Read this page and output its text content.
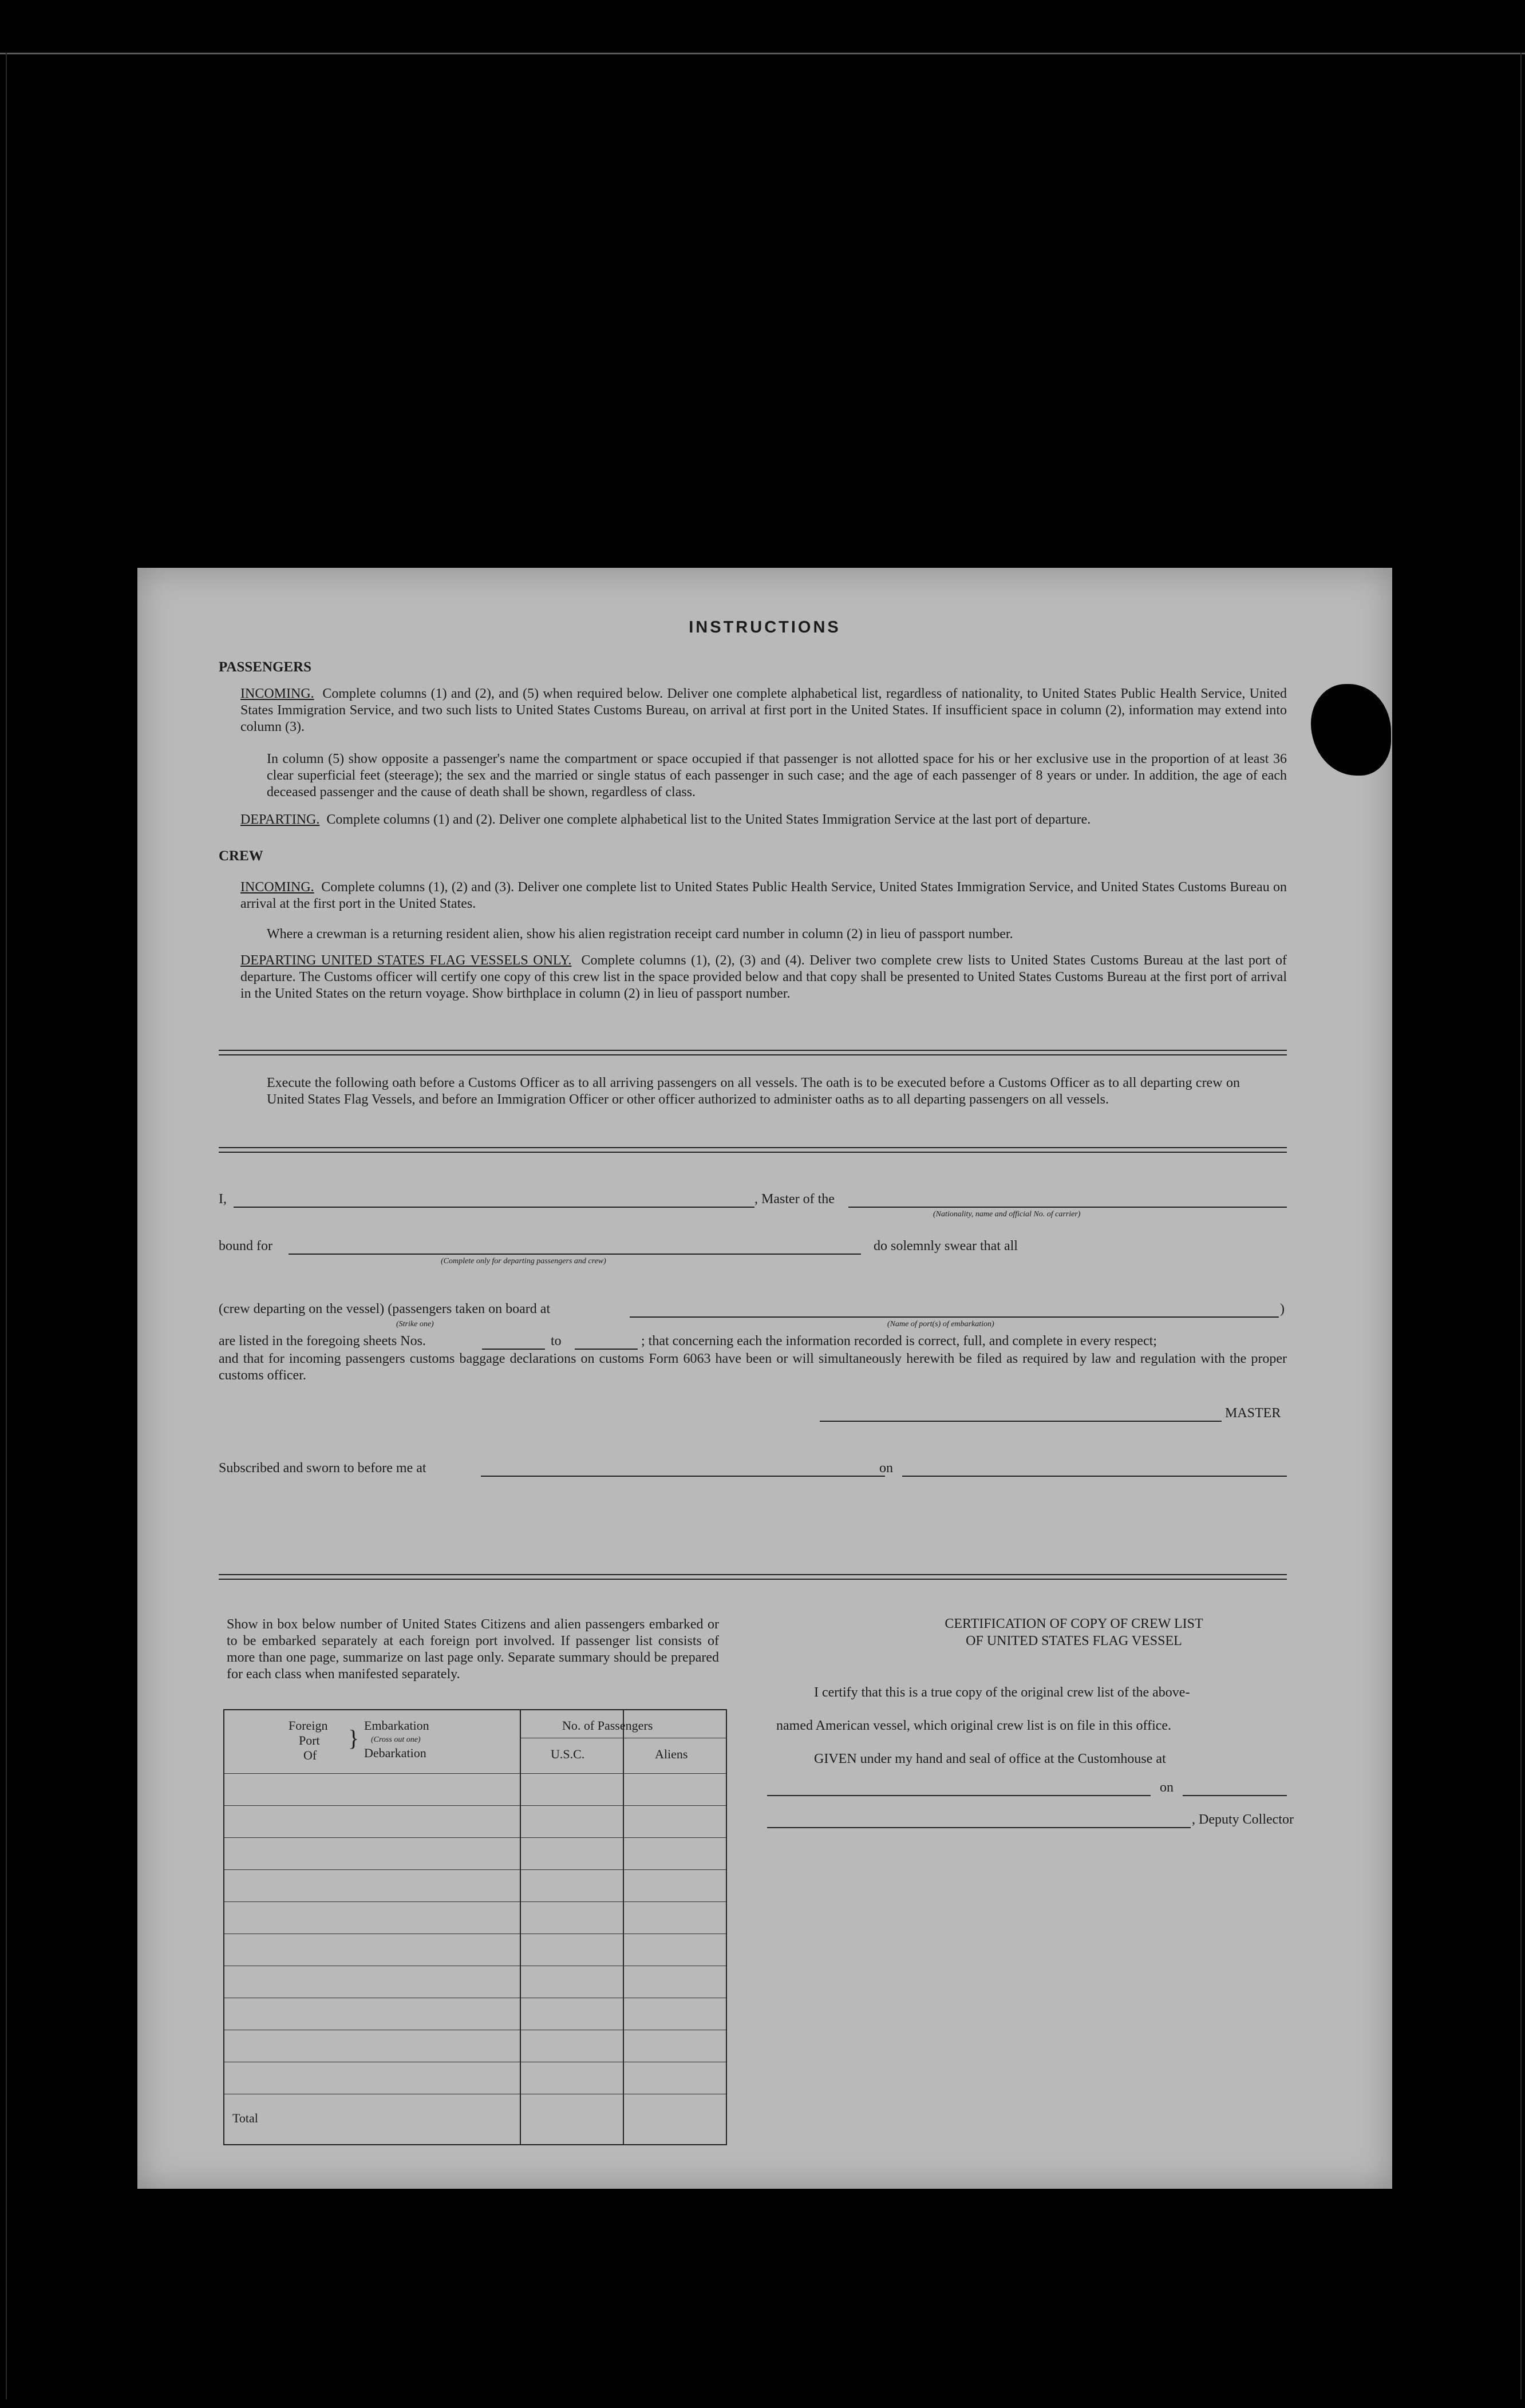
INSTRUCTIONS
PASSENGERS
INCOMING. Complete columns (1) and (2), and (5) when required below. Deliver one complete alphabetical list, regardless of nationality, to United States Public Health Service, United States Immigration Service, and two such lists to United States Customs Bureau, on arrival at first port in the United States. If insufficient space in column (2), information may extend into column (3).
In column (5) show opposite a passenger's name the compartment or space occupied if that passenger is not allotted space for his or her exclusive use in the proportion of at least 36 clear superficial feet (steerage); the sex and the married or single status of each passenger in such case; and the age of each passenger of 8 years or under. In addition, the age of each deceased passenger and the cause of death shall be shown, regardless of class.
DEPARTING. Complete columns (1) and (2). Deliver one complete alphabetical list to the United States Immigration Service at the last port of departure.
CREW
INCOMING. Complete columns (1), (2) and (3). Deliver one complete list to United States Public Health Service, United States Immigration Service, and United States Customs Bureau on arrival at the first port in the United States.
Where a crewman is a returning resident alien, show his alien registration receipt card number in column (2) in lieu of passport number.
DEPARTING UNITED STATES FLAG VESSELS ONLY. Complete columns (1), (2), (3) and (4). Deliver two complete crew lists to United States Customs Bureau at the last port of departure. The Customs officer will certify one copy of this crew list in the space provided below and that copy shall be presented to United States Customs Bureau at the first port of arrival in the United States on the return voyage. Show birthplace in column (2) in lieu of passport number.
Execute the following oath before a Customs Officer as to all arriving passengers on all vessels. The oath is to be executed before a Customs Officer as to all departing crew on United States Flag Vessels, and before an Immigration Officer or other officer authorized to administer oaths as to all departing passengers on all vessels.
I,	, Master of the
(Nationality, name and official No. of carrier)
bound for
(Complete only for departing passengers and crew)
do solemnly swear that all
(crew departing on the vessel) (passengers taken on board at
(Strike one)	(Name of port(s) of embarkation)
)
are listed in the foregoing sheets Nos.	to	; that concerning each the information recorded is correct, full, and complete in every respect;
and that for incoming passengers customs baggage declarations on customs Form 6063 have been or will simultaneously herewith be filed as required by law and regulation with the proper customs officer.
MASTER
Subscribed and sworn to before me at	on
Show in box below number of United States Citizens and alien passengers embarked or to be embarked separately at each foreign port involved. If passenger list consists of more than one page, summarize on last page only. Separate summary should be prepared for each class when manifested separately.
Foreign
Port
Of
} Embarkation
(Cross out one)
Debarkation
No. of Passengers
U.S.C.	Aliens
Total
CERTIFICATION OF COPY OF CREW LIST
OF UNITED STATES FLAG VESSEL
I certify that this is a true copy of the original crew list of the above-
named American vessel, which original crew list is on file in this office.
GIVEN under my hand and seal of office at the Customhouse at
on
, Deputy Collector
